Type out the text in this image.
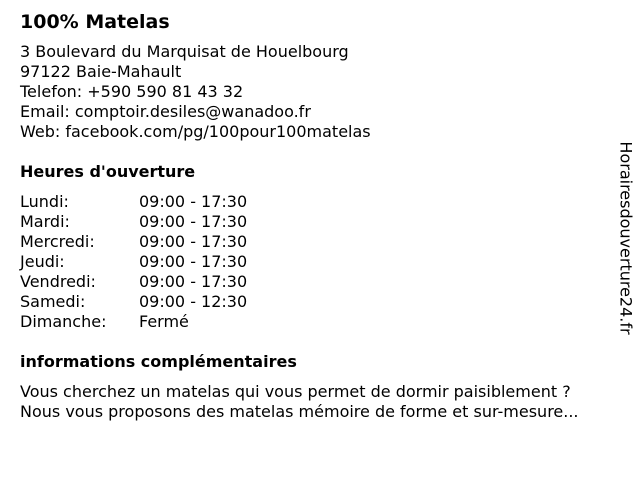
100% Matelas
3 Boulevard du Marquisat de Houelbourg
97122 Baie-Mahault
Telefon: +590 590 81 43 32
Email: comptoir.desiles@wanadoo.fr
Web: facebook.com/pg/100pour100matelas
Heures d'ouverture
Lundi:	09:00 - 17:30
Mardi:	09:00 - 17:30
Mercredi:	09:00 - 17:30
Jeudi:	09:00 - 17:30
Vendredi:	09:00 - 17:30
Samedi:	09:00 - 12:30
Dimanche:	Fermé
informations complémentaires
Vous cherchez un matelas qui vous permet de dormir paisiblement ?
Nous vous proposons des matelas mémoire de forme et sur-mesure...
Horairesdouverture24.fr
